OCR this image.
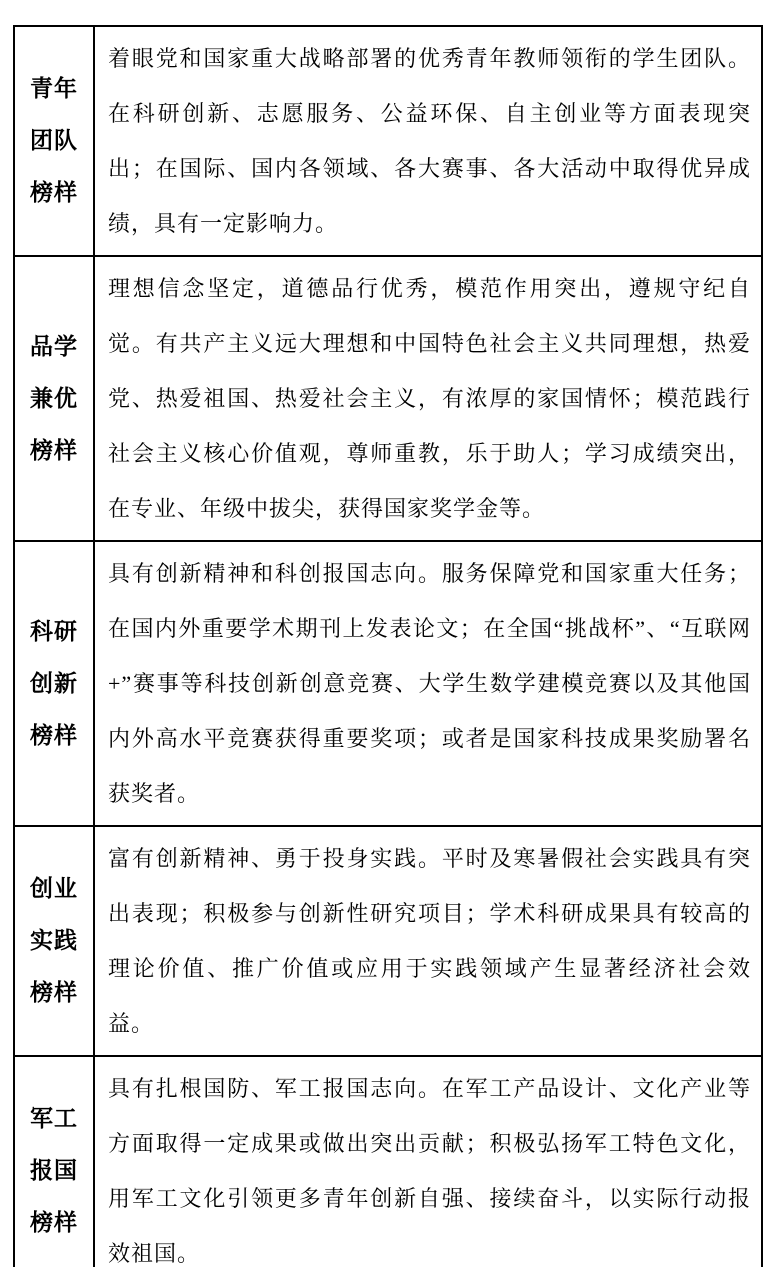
青年
团队
榜样
着眼党和国家重大战略部署的优秀青年教师领衔的学生团队。在科研创新、志愿服务、公益环保、自主创业等方面表现突出；在国际、国内各领域、各大赛事、各大活动中取得优异成绩，具有一定影响力。
品学
兼优
榜样
理想信念坚定，道德品行优秀，模范作用突出，遵规守纪自觉。有共产主义远大理想和中国特色社会主义共同理想，热爱党、热爱祖国、热爱社会主义，有浓厚的家国情怀；模范践行社会主义核心价值观，尊师重教，乐于助人；学习成绩突出，在专业、年级中拔尖，获得国家奖学金等。
科研
创新
榜样
具有创新精神和科创报国志向。服务保障党和国家重大任务；在国内外重要学术期刊上发表论文；在全国“挑战杯”、“互联网+”赛事等科技创新创意竞赛、大学生数学建模竞赛以及其他国内外高水平竞赛获得重要奖项；或者是国家科技成果奖励署名获奖者。
创业
实践
榜样
富有创新精神、勇于投身实践。平时及寒暑假社会实践具有突出表现；积极参与创新性研究项目；学术科研成果具有较高的理论价值、推广价值或应用于实践领域产生显著经济社会效益。
军工
报国
榜样
具有扎根国防、军工报国志向。在军工产品设计、文化产业等方面取得一定成果或做出突出贡献；积极弘扬军工特色文化，用军工文化引领更多青年创新自强、接续奋斗，以实际行动报效祖国。
